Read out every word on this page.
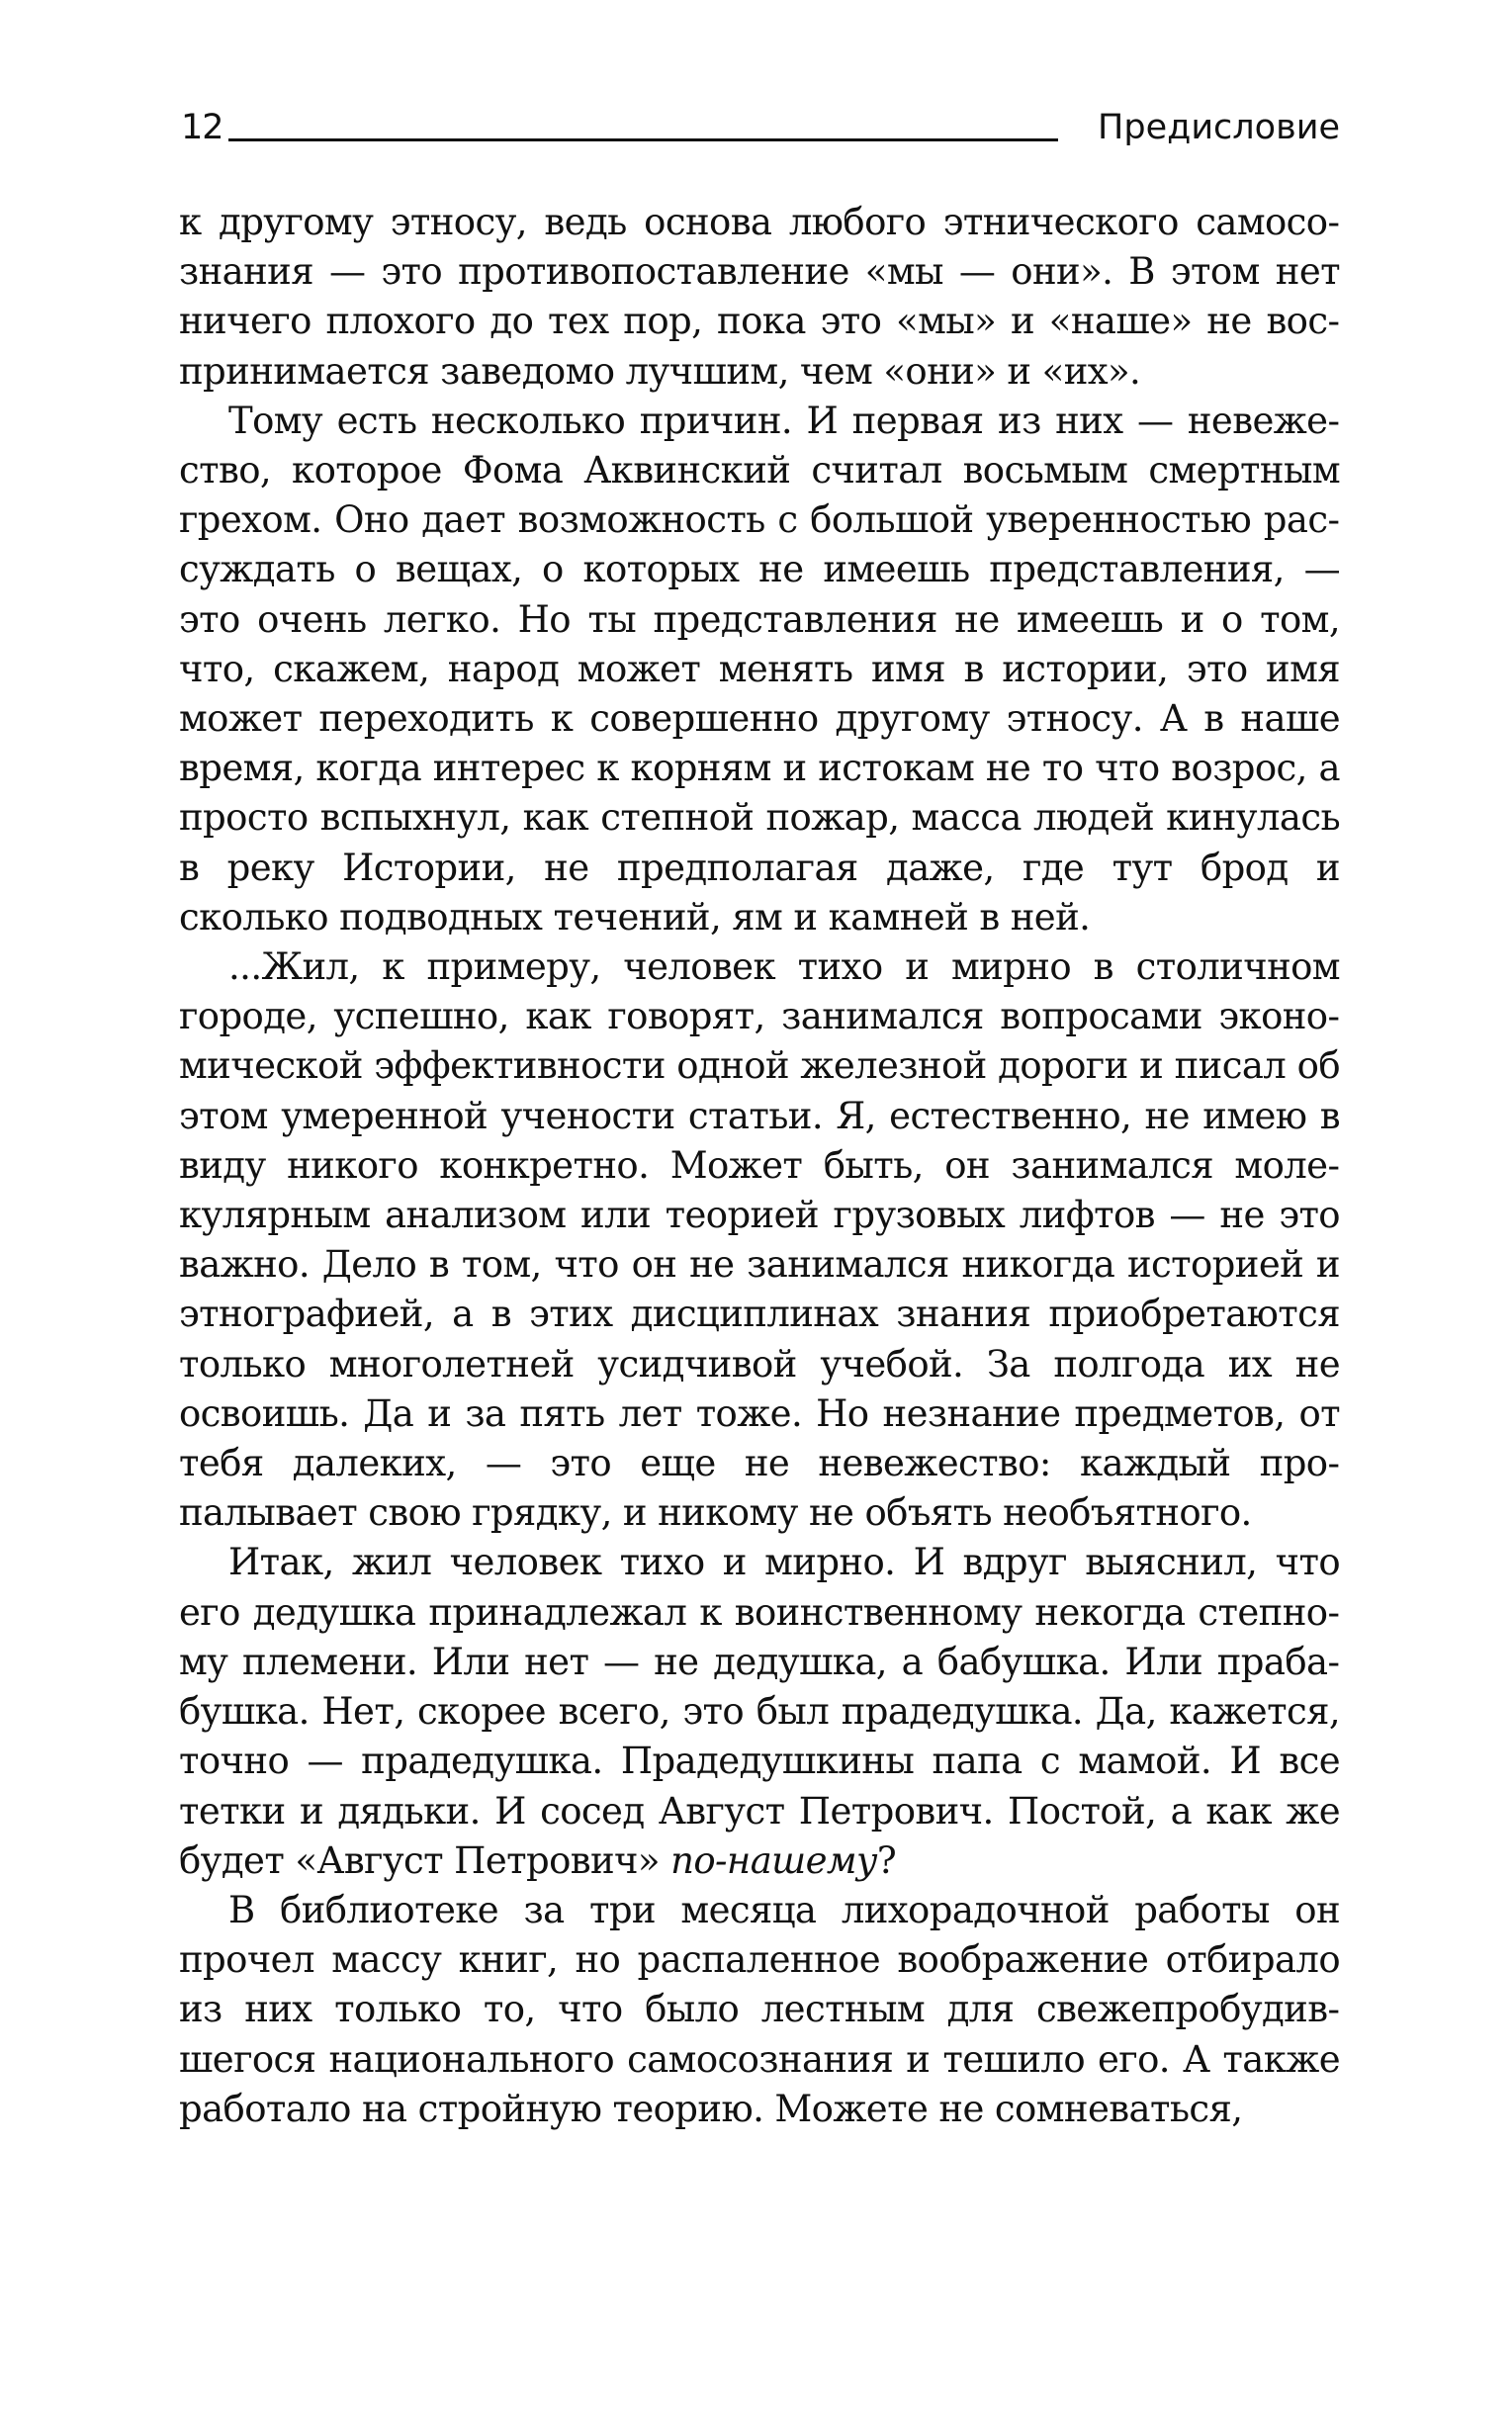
12	Предисловие

к другому этносу, ведь основа любого этнического самосознания — это противопоставление «мы — они». В этом нет ничего плохого до тех пор, пока это «мы» и «наше» не воспринимается заведомо лучшим, чем «они» и «их».

Тому есть несколько причин. И первая из них — невежество, которое Фома Аквинский считал восьмым смертным грехом. Оно дает возможность с большой уверенностью рассуждать о вещах, о которых не имеешь представления, — это очень легко. Но ты представления не имеешь и о том, что, скажем, народ может менять имя в истории, это имя может переходить к совершенно другому этносу. А в наше время, когда интерес к корням и истокам не то что возрос, а просто вспыхнул, как степной пожар, масса людей кинулась в реку Истории, не предполагая даже, где тут брод и сколько подводных течений, ям и камней в ней.

...Жил, к примеру, человек тихо и мирно в столичном городе, успешно, как говорят, занимался вопросами экономической эффективности одной железной дороги и писал об этом умеренной учености статьи. Я, естественно, не имею в виду никого конкретно. Может быть, он занимался молекулярным анализом или теорией грузовых лифтов — не это важно. Дело в том, что он не занимался никогда историей и этнографией, а в этих дисциплинах знания приобретаются только многолетней усидчивой учебой. За полгода их не освоишь. Да и за пять лет тоже. Но незнание предметов, от тебя далеких, — это еще не невежество: каждый пропалывает свою грядку, и никому не объять необъятного.

Итак, жил человек тихо и мирно. И вдруг выяснил, что его дедушка принадлежал к воинственному некогда степному племени. Или нет — не дедушка, а бабушка. Или прабабушка. Нет, скорее всего, это был прадедушка. Да, кажется, точно — прадедушка. Прадедушкины папа с мамой. И все тетки и дядьки. И сосед Август Петрович. Постой, а как же будет «Август Петрович» по-нашему?

В библиотеке за три месяца лихорадочной работы он прочел массу книг, но распаленное воображение отбирало из них только то, что было лестным для свежепробудившегося национального самосознания и тешило его. А также работало на стройную теорию. Можете не сомневаться,
